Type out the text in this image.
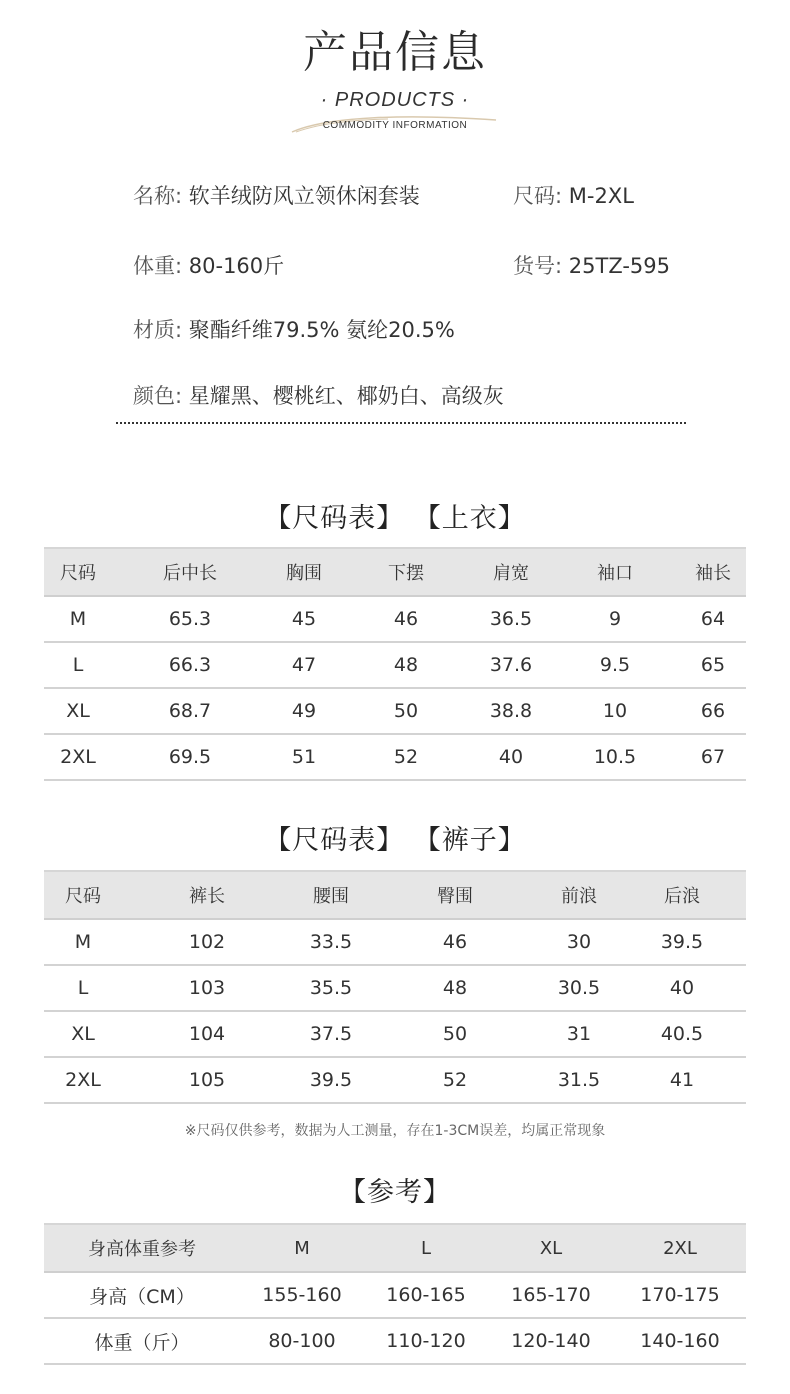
产品信息
· PRODUCTS ·
COMMODITY INFORMATION
名称: 软羊绒防风立领休闲套装	尺码: M-2XL
体重: 80-160斤	货号: 25TZ-595
材质: 聚酯纤维79.5% 氨纶20.5%
颜色: 星耀黑、樱桃红、椰奶白、高级灰
【尺码表】 【上衣】
尺码	后中长	胸围	下摆	肩宽	袖口	袖长
M	65.3	45	46	36.5	9	64
L	66.3	47	48	37.6	9.5	65
XL	68.7	49	50	38.8	10	66
2XL	69.5	51	52	40	10.5	67
【尺码表】 【裤子】
尺码	裤长	腰围	臀围	前浪	后浪
M	102	33.5	46	30	39.5
L	103	35.5	48	30.5	40
XL	104	37.5	50	31	40.5
2XL	105	39.5	52	31.5	41
※尺码仅供参考，数据为人工测量，存在1-3CM误差，均属正常现象
【参考】
身高体重参考	M	L	XL	2XL
身高（CM）	155-160	160-165	165-170	170-175
体重（斤）	80-100	110-120	120-140	140-160
